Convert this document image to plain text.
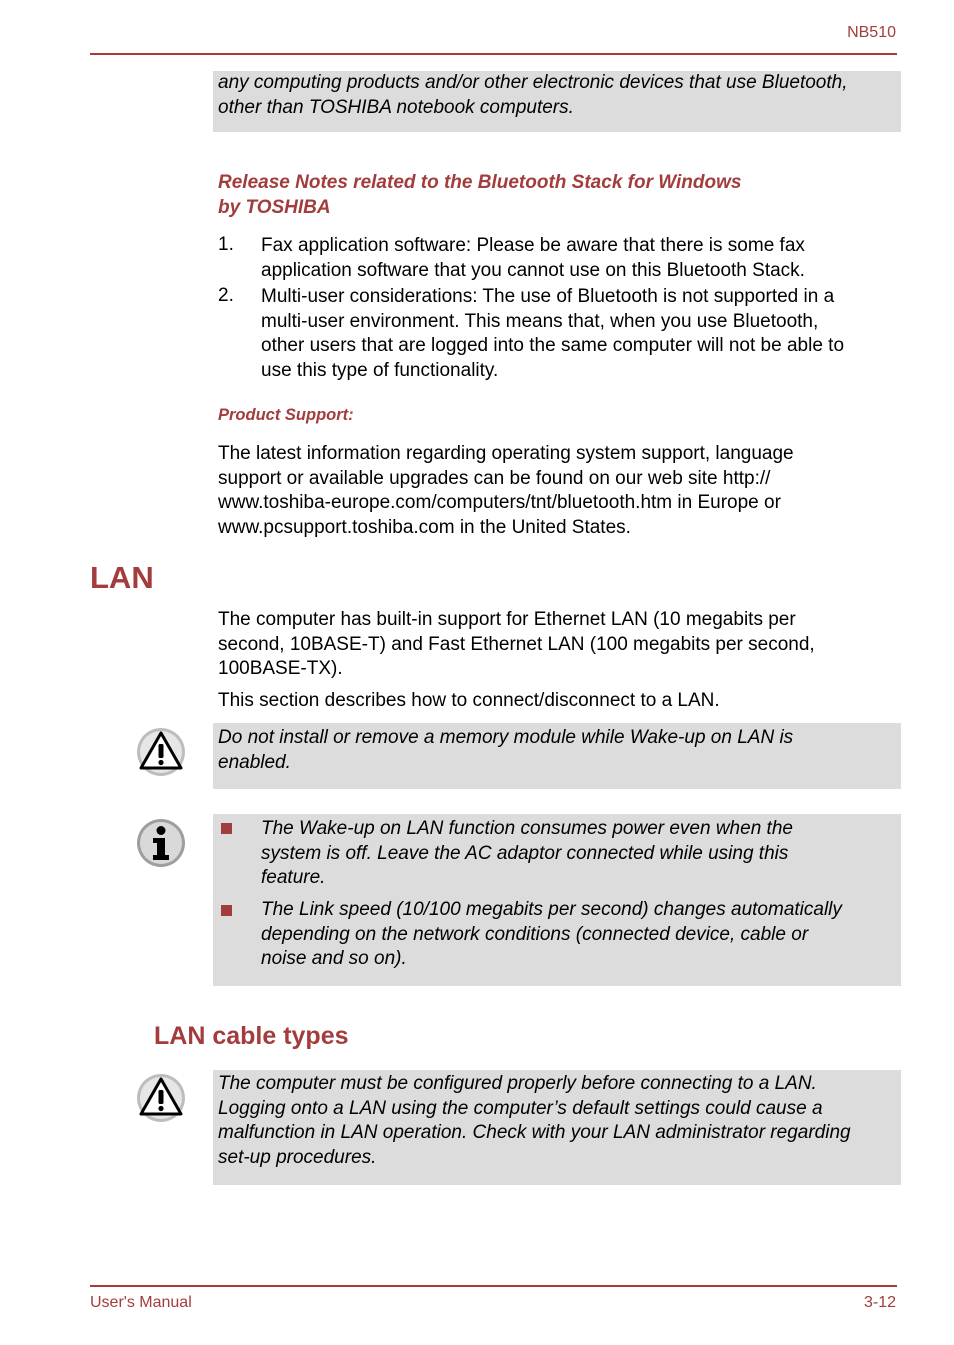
NB510
any computing products and/or other electronic devices that use Bluetooth,
other than TOSHIBA notebook computers.
Release Notes related to the Bluetooth Stack for Windows
by TOSHIBA
1. Fax application software: Please be aware that there is some fax
application software that you cannot use on this Bluetooth Stack.
2. Multi-user considerations: The use of Bluetooth is not supported in a
multi-user environment. This means that, when you use Bluetooth,
other users that are logged into the same computer will not be able to
use this type of functionality.
Product Support:
The latest information regarding operating system support, language
support or available upgrades can be found on our web site http://
www.toshiba-europe.com/computers/tnt/bluetooth.htm in Europe or
www.pcsupport.toshiba.com in the United States.
LAN
The computer has built-in support for Ethernet LAN (10 megabits per
second, 10BASE-T) and Fast Ethernet LAN (100 megabits per second,
100BASE-TX).
This section describes how to connect/disconnect to a LAN.
Do not install or remove a memory module while Wake-up on LAN is
enabled.
The Wake-up on LAN function consumes power even when the
system is off. Leave the AC adaptor connected while using this
feature.
The Link speed (10/100 megabits per second) changes automatically
depending on the network conditions (connected device, cable or
noise and so on).
LAN cable types
The computer must be configured properly before connecting to a LAN.
Logging onto a LAN using the computer’s default settings could cause a
malfunction in LAN operation. Check with your LAN administrator regarding
set-up procedures.
User's Manual	3-12
